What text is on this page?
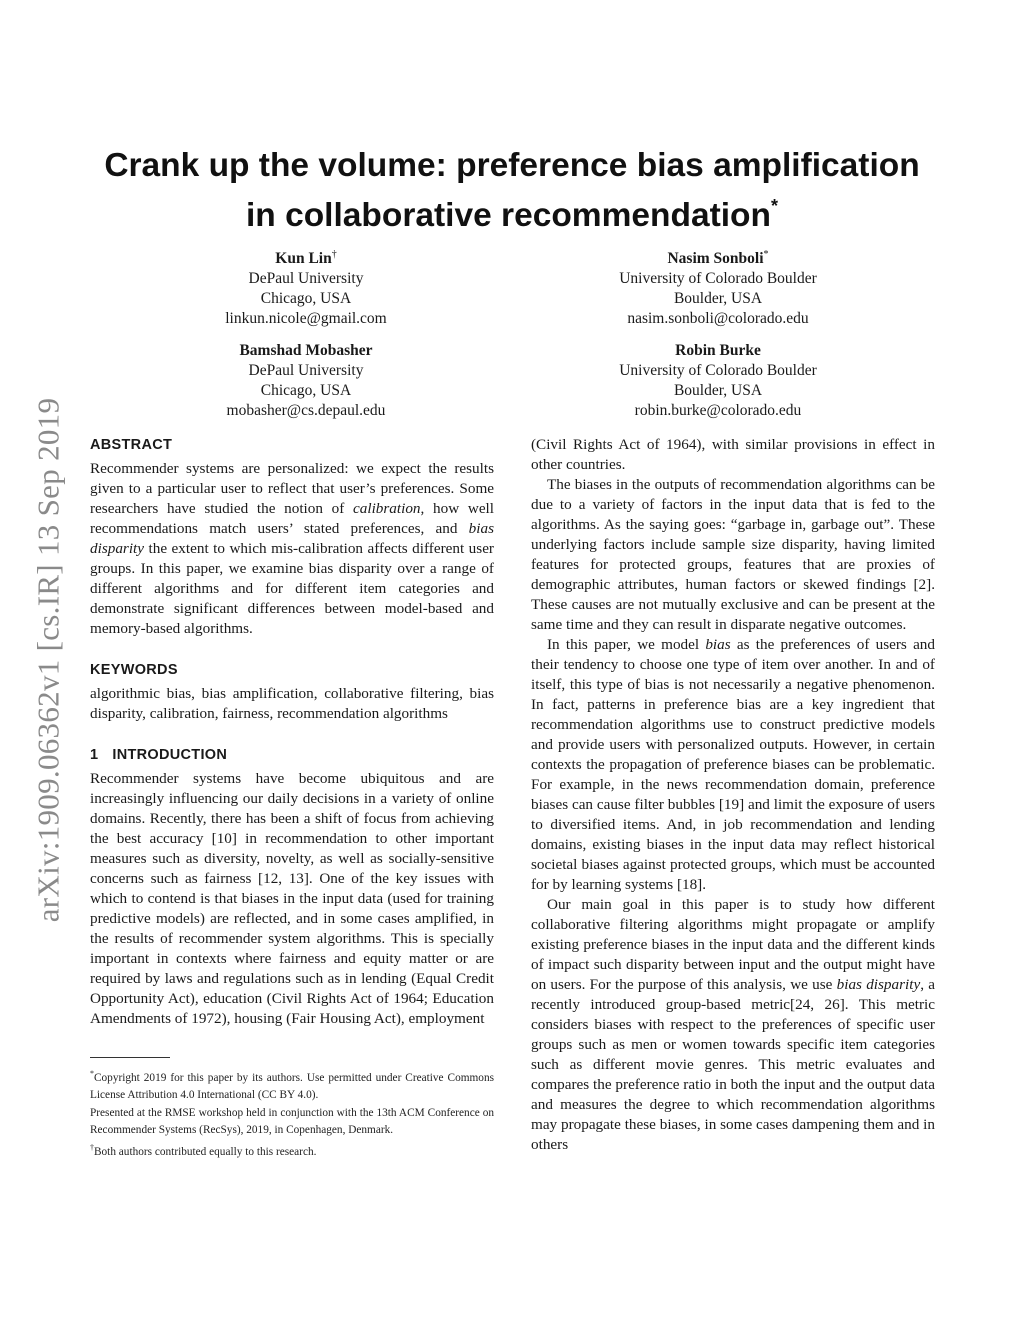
arXiv:1909.06362v1 [cs.IR] 13 Sep 2019
Crank up the volume: preference bias amplification
in collaborative recommendation*
Kun Lin†
DePaul University
Chicago, USA
linkun.nicole@gmail.com
Nasim Sonboli*
University of Colorado Boulder
Boulder, USA
nasim.sonboli@colorado.edu
Bamshad Mobasher
DePaul University
Chicago, USA
mobasher@cs.depaul.edu
Robin Burke
University of Colorado Boulder
Boulder, USA
robin.burke@colorado.edu
ABSTRACT

Recommender systems are personalized: we expect the results given to a particular user to reflect that user’s preferences. Some researchers have studied the notion of calibration, how well recommendations match users’ stated preferences, and bias disparity the extent to which mis-calibration affects different user groups. In this paper, we examine bias disparity over a range of different algorithms and for different item categories and demonstrate significant differences between model-based and memory-based algorithms.

KEYWORDS

algorithmic bias, bias amplification, collaborative filtering, bias disparity, calibration, fairness, recommendation algorithms

1 INTRODUCTION

Recommender systems have become ubiquitous and are increasingly influencing our daily decisions in a variety of online domains. Recently, there has been a shift of focus from achieving the best accuracy [10] in recommendation to other important measures such as diversity, novelty, as well as socially-sensitive concerns such as fairness [12, 13]. One of the key issues with which to contend is that biases in the input data (used for training predictive models) are reflected, and in some cases amplified, in the results of recommender system algorithms. This is specially important in contexts where fairness and equity matter or are required by laws and regulations such as in lending (Equal Credit Opportunity Act), education (Civil Rights Act of 1964; Education Amendments of 1972), housing (Fair Housing Act), employment

*Copyright 2019 for this paper by its authors. Use permitted under Creative Commons License Attribution 4.0 International (CC BY 4.0).

Presented at the RMSE workshop held in conjunction with the 13th ACM Conference on Recommender Systems (RecSys), 2019, in Copenhagen, Denmark.

†Both authors contributed equally to this research.

(Civil Rights Act of 1964), with similar provisions in effect in other countries.

The biases in the outputs of recommendation algorithms can be due to a variety of factors in the input data that is fed to the algorithms. As the saying goes: “garbage in, garbage out”. These underlying factors include sample size disparity, having limited features for protected groups, features that are proxies of demographic attributes, human factors or skewed findings [2]. These causes are not mutually exclusive and can be present at the same time and they can result in disparate negative outcomes.

In this paper, we model bias as the preferences of users and their tendency to choose one type of item over another. In and of itself, this type of bias is not necessarily a negative phenomenon. In fact, patterns in preference bias are a key ingredient that recommendation algorithms use to construct predictive models and provide users with personalized outputs. However, in certain contexts the propagation of preference biases can be problematic. For example, in the news recommendation domain, preference biases can cause filter bubbles [19] and limit the exposure of users to diversified items. And, in job recommendation and lending domains, existing biases in the input data may reflect historical societal biases against protected groups, which must be accounted for by learning systems [18].

Our main goal in this paper is to study how different collaborative filtering algorithms might propagate or amplify existing preference biases in the input data and the different kinds of impact such disparity between input and the output might have on users. For the purpose of this analysis, we use bias disparity, a recently introduced group-based metric[24, 26]. This metric considers biases with respect to the preferences of specific user groups such as men or women towards specific item categories such as different movie genres. This metric evaluates and compares the preference ratio in both the input and the output data and measures the degree to which recommendation algorithms may propagate these biases, in some cases dampening them and in others
